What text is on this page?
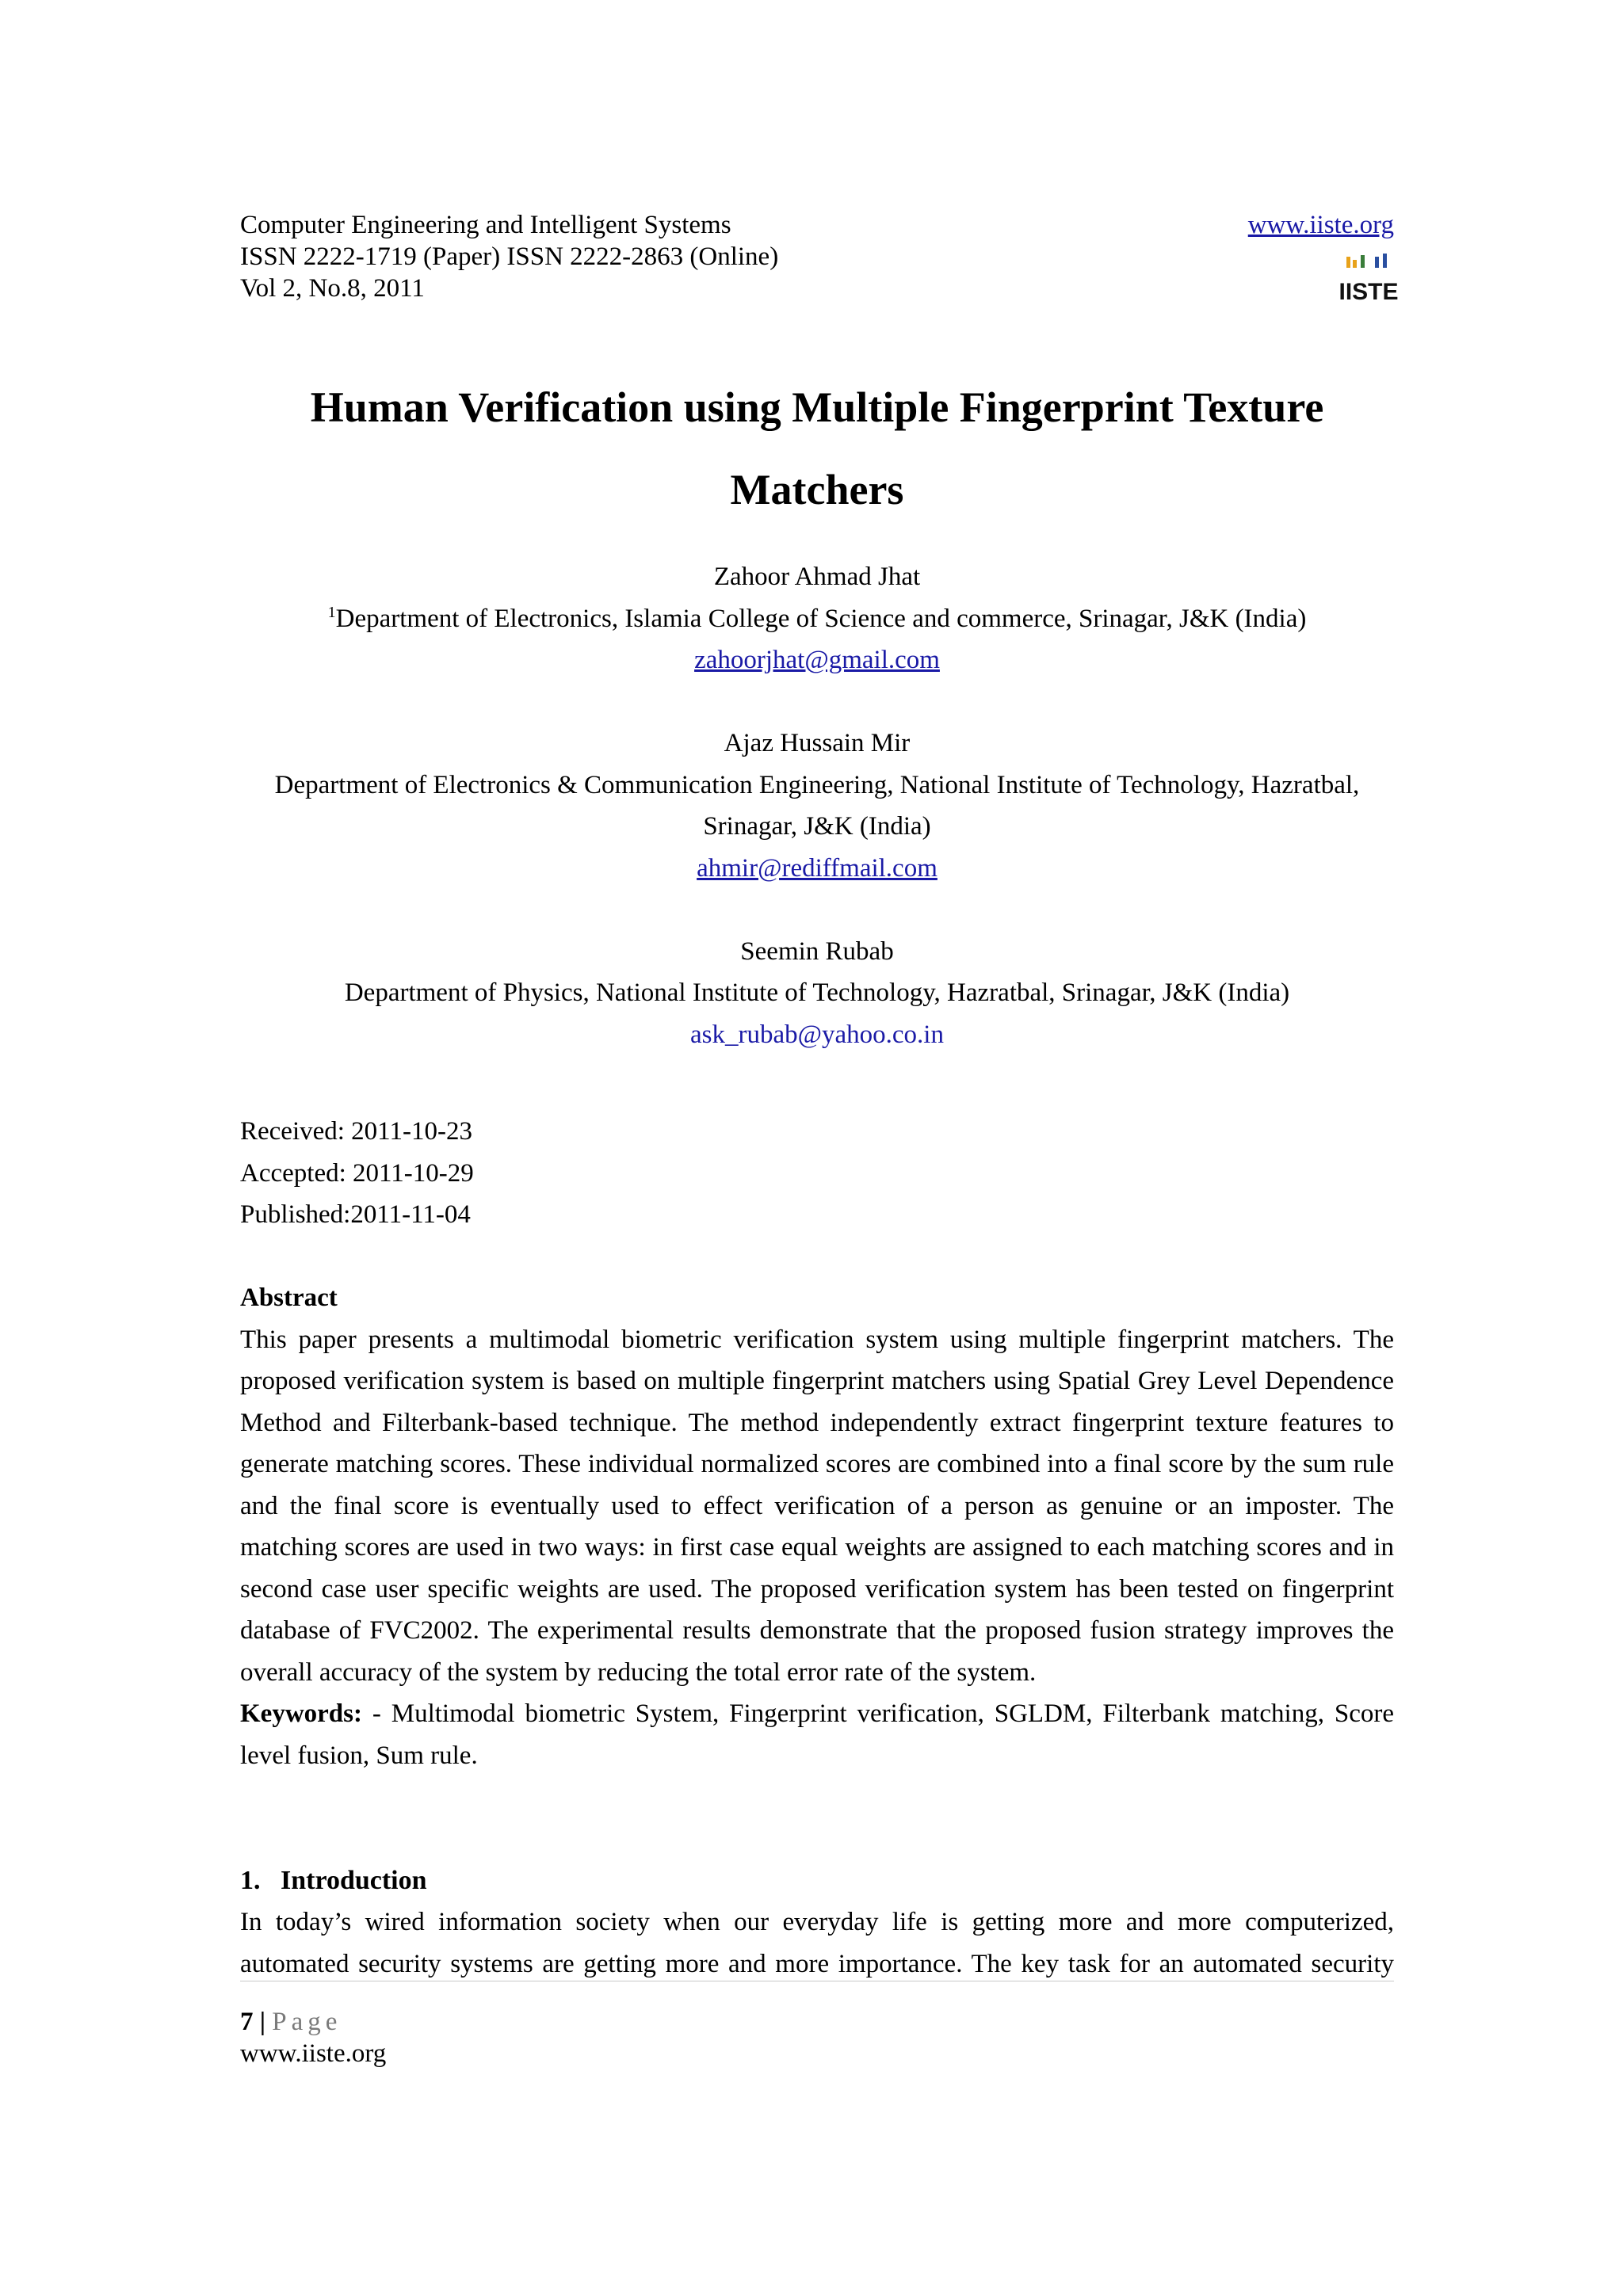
Computer Engineering and Intelligent Systems
ISSN 2222-1719 (Paper) ISSN 2222-2863 (Online)
Vol 2, No.8, 2011
www.iiste.org
IISTE
Human Verification using Multiple Fingerprint Texture Matchers

Zahoor Ahmad Jhat

$^1$Department of Electronics, Islamia College of Science and commerce, Srinagar, J&K (India)

zahoorjhat@gmail.com

Ajaz Hussain Mir

Department of Electronics & Communication Engineering, National Institute of Technology, Hazratbal,

Srinagar, J&K (India)

ahmir@rediffmail.com

Seemin Rubab

Department of Physics, National Institute of Technology, Hazratbal, Srinagar, J&K (India)

ask_rubab@yahoo.co.in

Received: 2011-10-23

Accepted: 2011-10-29

Published:2011-11-04

Abstract

This paper presents a multimodal biometric verification system using multiple fingerprint matchers. The proposed verification system is based on multiple fingerprint matchers using Spatial Grey Level Dependence Method and Filterbank-based technique. The method independently extract fingerprint texture features to generate matching scores. These individual normalized scores are combined into a final score by the sum rule and the final score is eventually used to effect verification of a person as genuine or an imposter. The matching scores are used in two ways: in first case equal weights are assigned to each matching scores and in second case user specific weights are used. The proposed verification system has been tested on fingerprint database of FVC2002. The experimental results demonstrate that the proposed fusion strategy improves the overall accuracy of the system by reducing the total error rate of the system.

Keywords: - Multimodal biometric System, Fingerprint verification, SGLDM, Filterbank matching, Score level fusion, Sum rule.

1.   Introduction

In today’s wired information society when our everyday life is getting more and more computerized,

automated security systems are getting more and more importance. The key task for an automated security

7 | Page
www.iiste.org
